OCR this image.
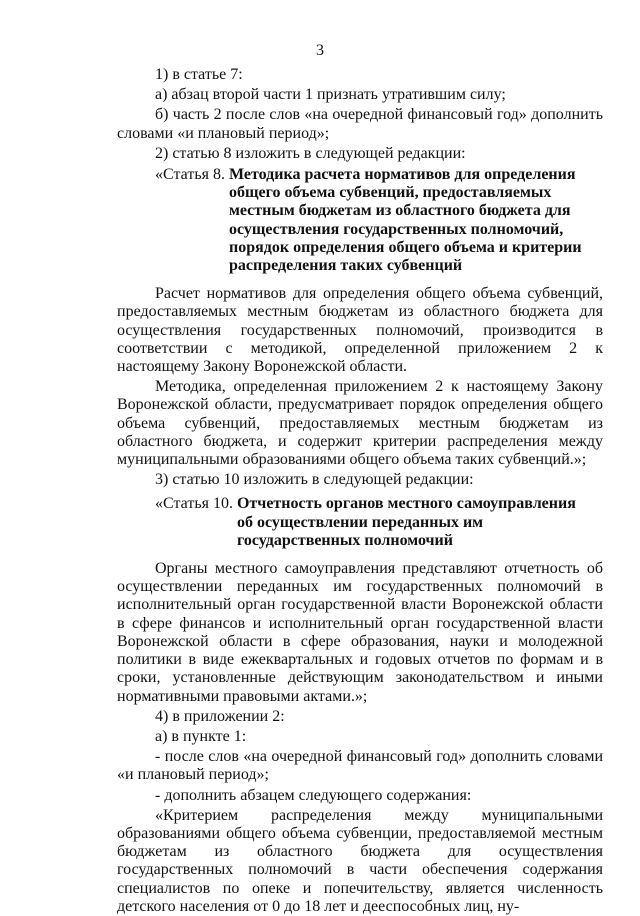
3

1) в статье 7:

а) абзац второй части 1 признать утратившим силу;

б) часть 2 после слов «на очередной финансовый год» дополнить словами «и плановый период»;

2) статью 8 изложить в следующей редакции:

«Статья 8. Методика расчета нормативов для определения общего объема субвенций, предоставляемых местным бюджетам из областного бюджета для осуществления государственных полномочий, порядок определения общего объема и критерии распределения таких субвенций

Расчет нормативов для определения общего объема субвенций, предоставляемых местным бюджетам из областного бюджета для осуществления государственных полномочий, производится в соответствии с методикой, определенной приложением 2 к настоящему Закону Воронежской области.

Методика, определенная приложением 2 к настоящему Закону Воронежской области, предусматривает порядок определения общего объема субвенций, предоставляемых местным бюджетам из областного бюджета, и содержит критерии распределения между муниципальными образованиями общего объема таких субвенций.»;

3) статью 10 изложить в следующей редакции:

«Статья 10. Отчетность органов местного самоуправления об осуществлении переданных им государственных полномочий

Органы местного самоуправления представляют отчетность об осуществлении переданных им государственных полномочий в исполнительный орган государственной власти Воронежской области в сфере финансов и исполнительный орган государственной власти Воронежской области в сфере образования, науки и молодежной политики в виде ежеквартальных и годовых отчетов по формам и в сроки, установленные действующим законодательством и иными нормативными правовыми актами.»;

4) в приложении 2:

а) в пункте 1:

- после слов «на очередной финансовый год» дополнить словами «и плановый период»;

- дополнить абзацем следующего содержания:

«Критерием распределения между муниципальными образованиями общего объема субвенции, предоставляемой местным бюджетам из областного бюджета для осуществления государственных полномочий в части обеспечения содержания специалистов по опеке и попечительству, является численность детского населения от 0 до 18 лет и дееспособных лиц, ну-
